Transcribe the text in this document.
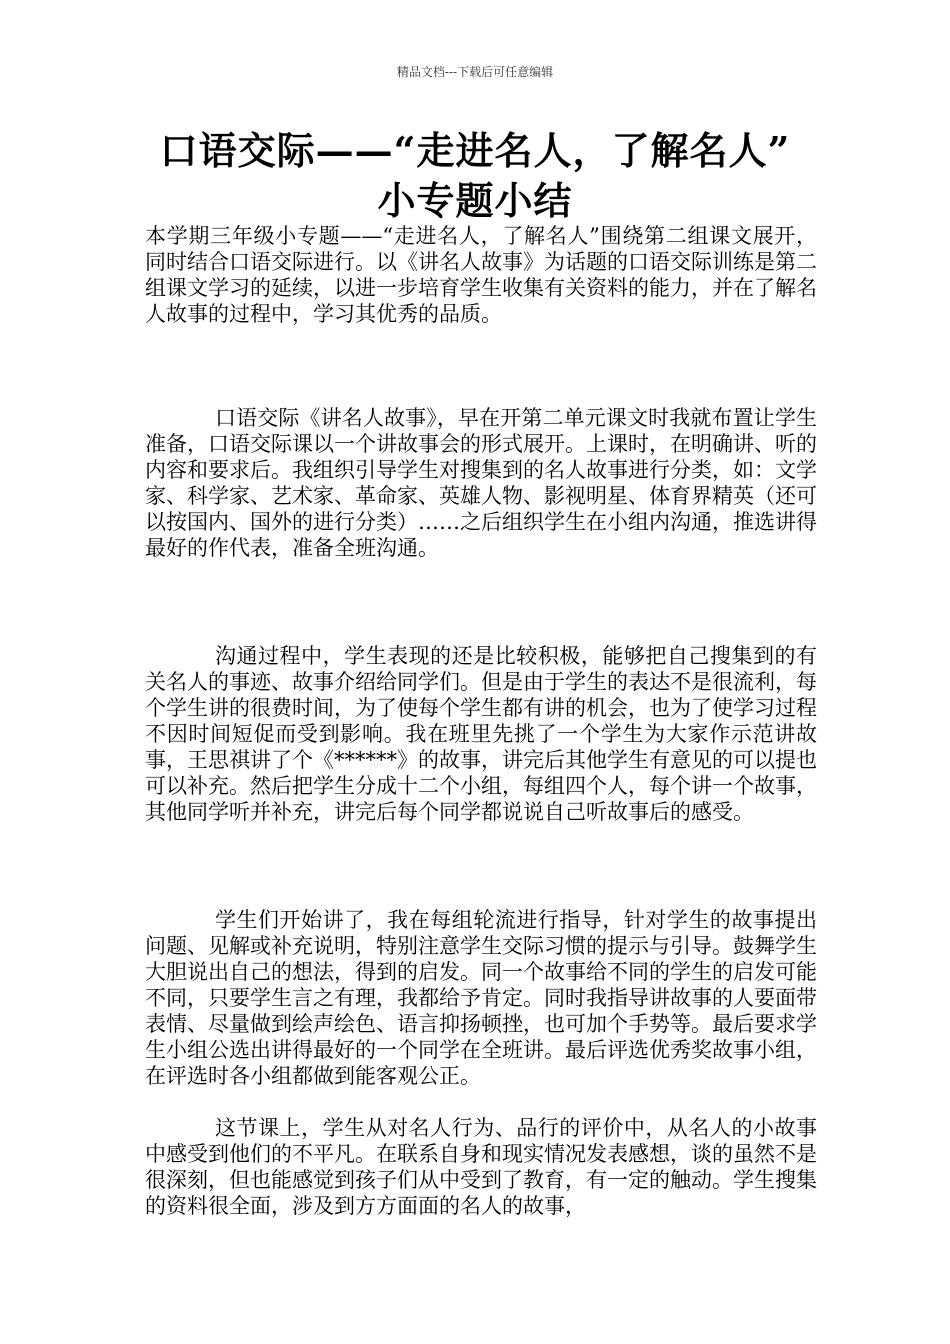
精品文档---下载后可任意编辑
口语交际——“走进名人，了解名人”
小专题小结

本学期三年级小专题——“走进名人，了解名人”围绕第二组课文展开，同时结合口语交际进行。以《讲名人故事》为话题的口语交际训练是第二组课文学习的延续，以进一步培育学生收集有关资料的能力，并在了解名人故事的过程中，学习其优秀的品质。

口语交际《讲名人故事》，早在开第二单元课文时我就布置让学生准备，口语交际课以一个讲故事会的形式展开。上课时，在明确讲、听的内容和要求后。我组织引导学生对搜集到的名人故事进行分类，如：文学家、科学家、艺术家、革命家、英雄人物、影视明星、体育界精英（还可以按国内、国外的进行分类）……之后组织学生在小组内沟通，推选讲得最好的作代表，准备全班沟通。

沟通过程中，学生表现的还是比较积极，能够把自己搜集到的有关名人的事迹、故事介绍给同学们。但是由于学生的表达不是很流利，每个学生讲的很费时间，为了使每个学生都有讲的机会，也为了使学习过程不因时间短促而受到影响。我在班里先挑了一个学生为大家作示范讲故事，王思祺讲了个《******》的故事，讲完后其他学生有意见的可以提也可以补充。然后把学生分成十二个小组，每组四个人，每个讲一个故事，其他同学听并补充，讲完后每个同学都说说自己听故事后的感受。

学生们开始讲了，我在每组轮流进行指导，针对学生的故事提出问题、见解或补充说明，特别注意学生交际习惯的提示与引导。鼓舞学生大胆说出自己的想法，得到的启发。同一个故事给不同的学生的启发可能不同，只要学生言之有理，我都给予肯定。同时我指导讲故事的人要面带表情、尽量做到绘声绘色、语言抑扬顿挫，也可加个手势等。最后要求学生小组公选出讲得最好的一个同学在全班讲。最后评选优秀奖故事小组，在评选时各小组都做到能客观公正。

这节课上，学生从对名人行为、品行的评价中，从名人的小故事中感受到他们的不平凡。在联系自身和现实情况发表感想，谈的虽然不是很深刻，但也能感觉到孩子们从中受到了教育，有一定的触动。学生搜集的资料很全面，涉及到方方面面的名人的故事，
